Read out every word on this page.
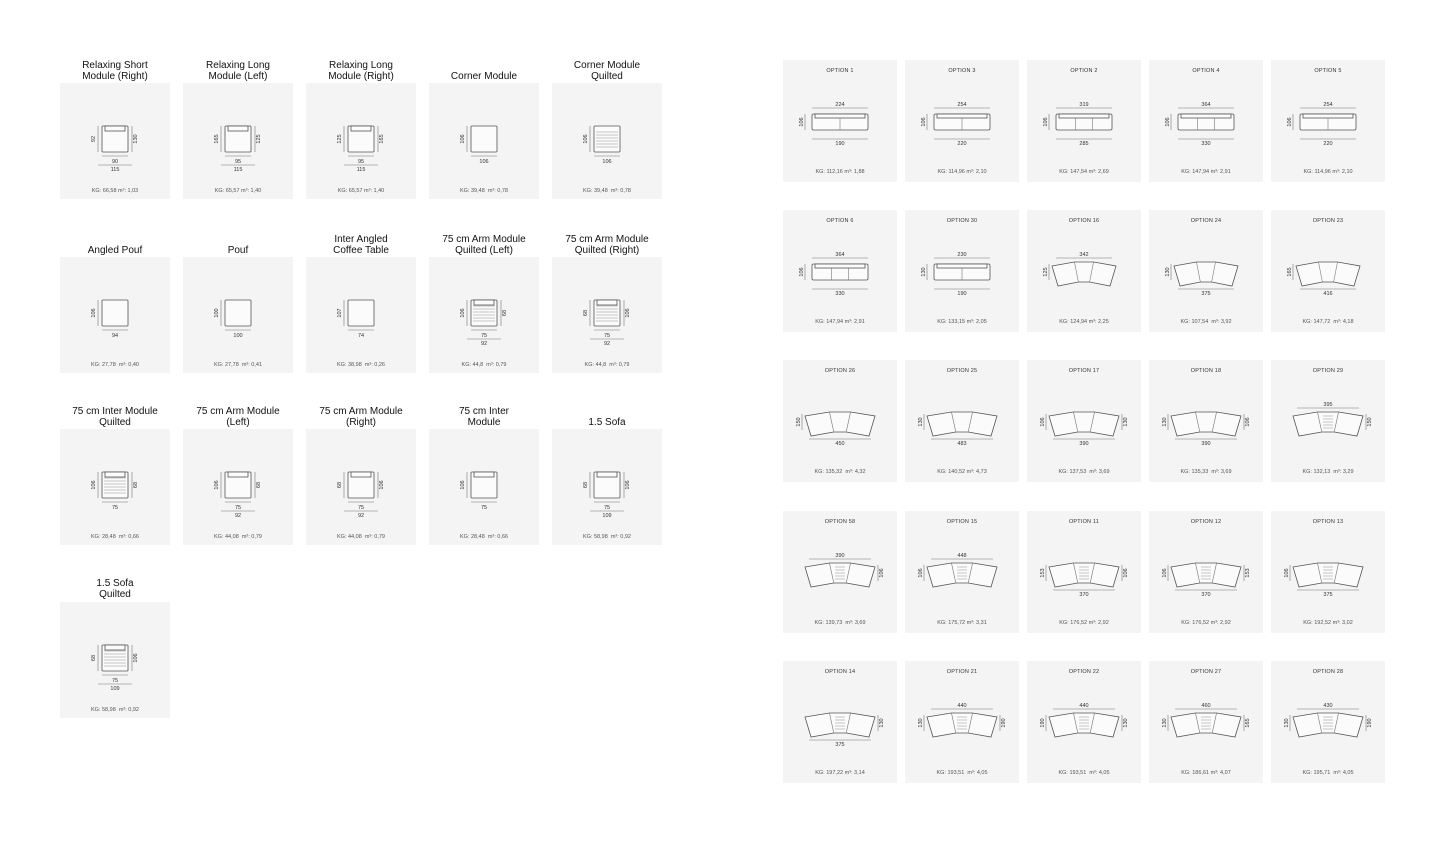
Relaxing Short
Module (Right)
90
115
92	130
KG: 66,58 m³: 1,03
Relaxing Long
Module (Left)
95
115
165	125
KG: 65,57 m³: 1,40
Relaxing Long
Module (Right)
95
115
125	165
KG: 65,57 m³: 1,40
Corner Module
106
106
KG: 39,48  m³: 0,78
Corner Module
Quilted
106
106
KG: 39,48  m³: 0,78
Angled Pouf
94
106
KG: 27,78  m³: 0,40
Pouf
100
100
KG: 27,78  m³: 0,41
Inter Angled
Coffee Table
74
107
KG: 38,98  m³: 0,26
75 cm Arm Module
Quilted (Left)
75
92
106	68
KG: 44,8  m³: 0,79
75 cm Arm Module
Quilted (Right)
75
92
68	106
KG: 44,8  m³: 0,79
75 cm Inter Module
Quilted
75
106	68
KG: 28,48  m³: 0,66
75 cm Arm Module
(Left)
75
92
106	68
KG: 44,08  m³: 0,79
75 cm Arm Module
(Right)
75
92
68	106
KG: 44,08  m³: 0,79
75 cm Inter
Module
75
106
KG: 28,48  m³: 0,66
1.5 Sofa
75
109
68	106
KG: 58,98  m³: 0,92
1.5 Sofa
Quilted
75
109
68	106
KG: 58,98  m³: 0,92
OPTION 1
224
190
106
KG: 112,16 m³: 1,88
OPTION 3
254
220
106
KG: 114,96 m³: 2,10
OPTION 2
319
285
106
KG: 147,54 m³: 2,69
OPTION 4
364
330
106
KG: 147,94 m³: 2,91
OPTION 5
254
220
106
KG: 114,96 m³: 2,10
OPTION 6
364
330
106
KG: 147,94 m³: 2,91
OPTION 30
230
190
130
KG: 133,15 m³: 2,05
OPTION 16
342
125
KG: 124,94 m³: 2,25
OPTION 24
375
130
KG: 107,54  m³: 3,92
OPTION 23
416
165
KG: 147,72  m³: 4,18
OPTION 26
450
150
KG: 135,32  m³: 4,32
OPTION 25
483
130
KG: 140,52 m³: 4,73
OPTION 17
390
106	130
KG: 137,53  m³: 3,69
OPTION 18
390
130	106
KG: 135,33  m³: 3,69
OPTION 29
395
150
KG: 132,13  m³: 3,29
OPTION 58
390
106
KG: 139,73  m³: 3,69
OPTION 15
448
106
KG: 175,72 m³: 3,31
OPTION 11
370
153	106
KG: 176,52 m³: 2,92
OPTION 12
370
106	153
KG: 176,52 m³: 2,92
OPTION 13
375
106
KG: 192,52 m³: 3,02
OPTION 14
375
130
KG: 197,22 m³: 3,14
OPTION 21
440
130	190
KG: 193,51  m³: 4,05
OPTION 22
440
190	130
KG: 193,51  m³: 4,05
OPTION 27
460
130	165
KG: 186,61 m³: 4,07
OPTION 28
430
130	190
KG: 195,71  m³: 4,05
